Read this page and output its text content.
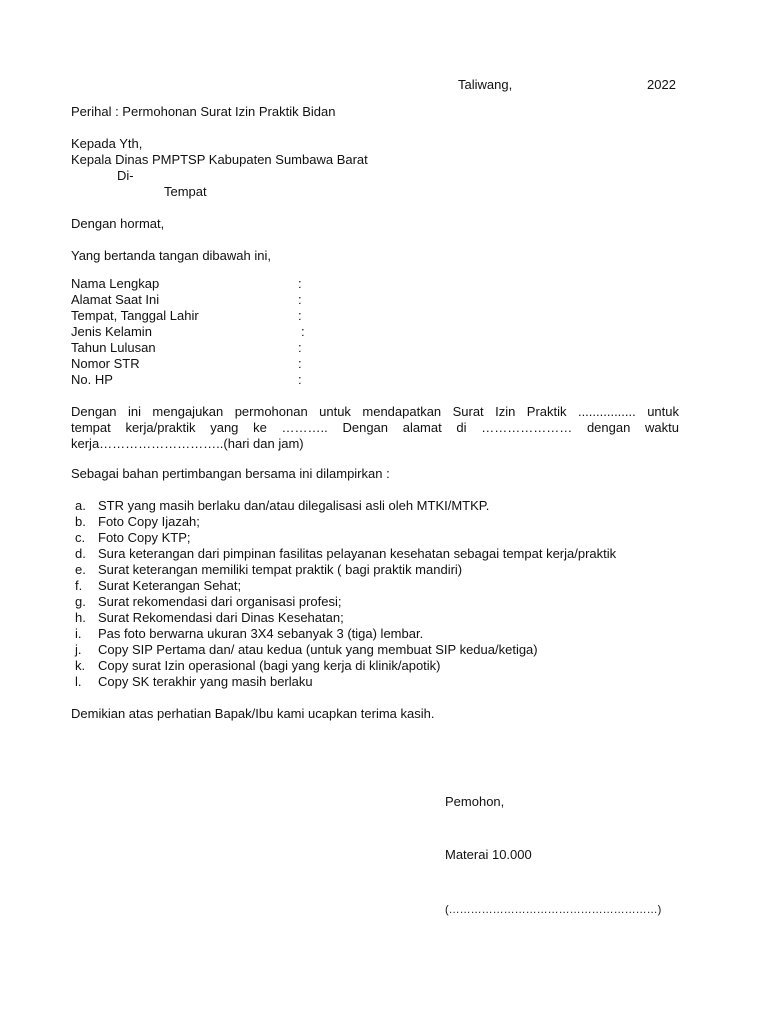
Taliwang,	2022
Perihal : Permohonan Surat Izin Praktik Bidan
Kepada Yth,
Kepala Dinas PMPTSP Kabupaten Sumbawa Barat
Di-
Tempat
Dengan hormat,
Yang bertanda tangan dibawah ini,
Nama Lengkap	:
Alamat Saat Ini	:
Tempat, Tanggal Lahir	:
Jenis Kelamin	:
Tahun Lulusan	:
Nomor STR	:
No. HP	:
Dengan ini mengajukan permohonan untuk mendapatkan Surat Izin Praktik ................ untuk
tempat kerja/praktik yang ke ……….. Dengan alamat di ………………… dengan waktu
kerja………………………..(hari dan jam)
Sebagai bahan pertimbangan bersama ini dilampirkan :
a. STR yang masih berlaku dan/atau dilegalisasi asli oleh MTKI/MTKP.
b. Foto Copy Ijazah;
c. Foto Copy KTP;
d. Sura keterangan dari pimpinan fasilitas pelayanan kesehatan sebagai tempat kerja/praktik
e. Surat keterangan memiliki tempat praktik ( bagi praktik mandiri)
f. Surat Keterangan Sehat;
g. Surat rekomendasi dari organisasi profesi;
h. Surat Rekomendasi dari Dinas Kesehatan;
i. Pas foto berwarna ukuran 3X4 sebanyak 3 (tiga) lembar.
j. Copy SIP Pertama dan/ atau kedua (untuk yang membuat SIP kedua/ketiga)
k. Copy surat Izin operasional (bagi yang kerja di klinik/apotik)
l. Copy SK terakhir yang masih berlaku
Demikian atas perhatian Bapak/Ibu kami ucapkan terima kasih.
Pemohon,
Materai 10.000
(…………………………………………………)
